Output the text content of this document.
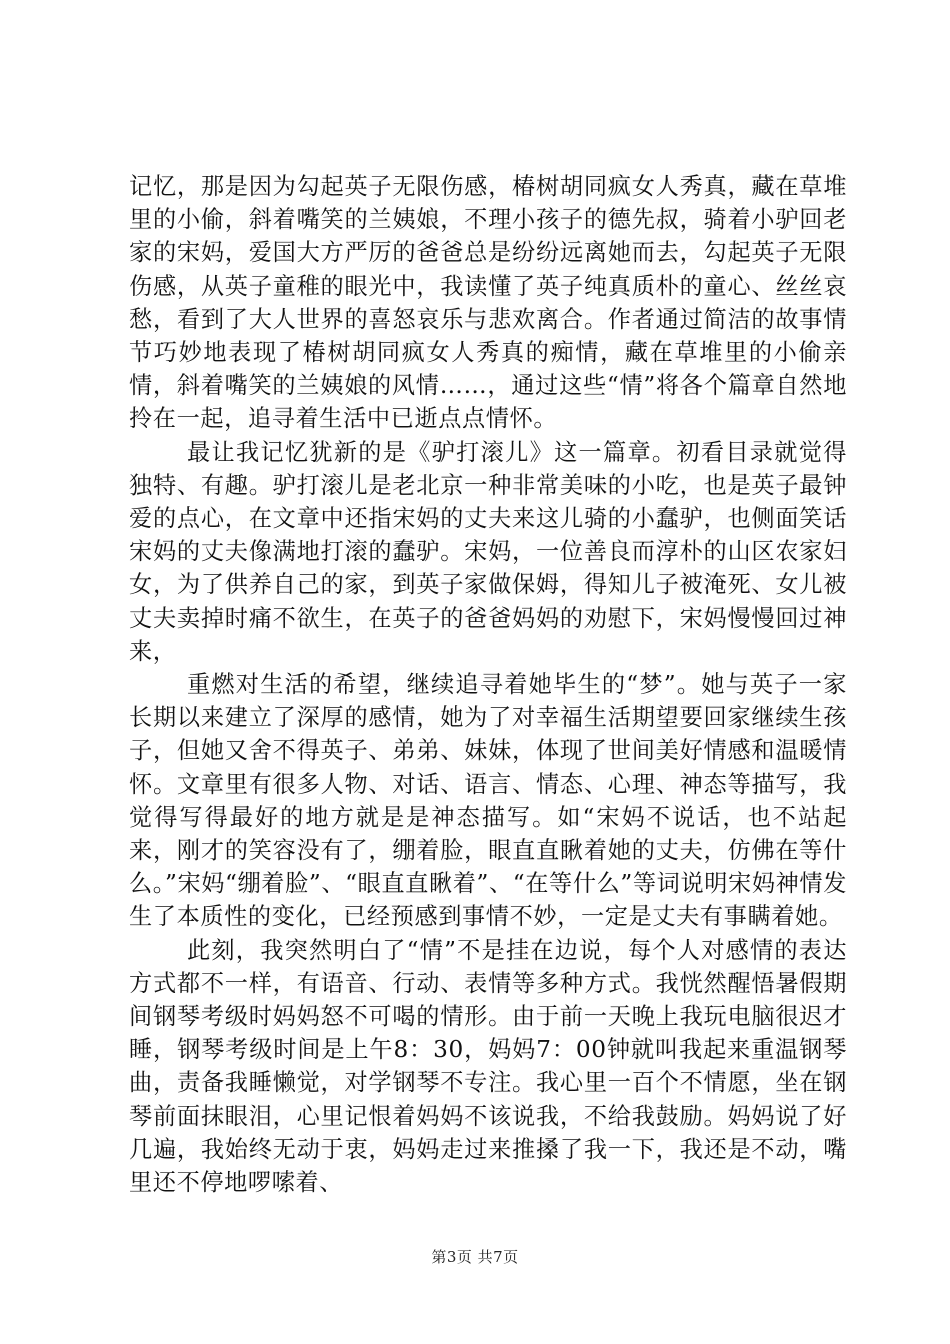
记忆，那是因为勾起英子无限伤感，椿树胡同疯女人秀真，藏在草堆里的小偷，斜着嘴笑的兰姨娘，不理小孩子的德先叔，骑着小驴回老家的宋妈，爱国大方严厉的爸爸总是纷纷远离她而去，勾起英子无限伤感，从英子童稚的眼光中，我读懂了英子纯真质朴的童心、丝丝哀愁，看到了大人世界的喜怒哀乐与悲欢离合。作者通过简洁的故事情节巧妙地表现了椿树胡同疯女人秀真的痴情，藏在草堆里的小偷亲情，斜着嘴笑的兰姨娘的风情……，通过这些“情”将各个篇章自然地拎在一起，追寻着生活中已逝点点情怀。

最让我记忆犹新的是《驴打滚儿》这一篇章。初看目录就觉得独特、有趣。驴打滚儿是老北京一种非常美味的小吃，也是英子最钟爱的点心，在文章中还指宋妈的丈夫来这儿骑的小蠢驴，也侧面笑话宋妈的丈夫像满地打滚的蠢驴。宋妈，一位善良而淳朴的山区农家妇女，为了供养自己的家，到英子家做保姆，得知儿子被淹死、女儿被丈夫卖掉时痛不欲生，在英子的爸爸妈妈的劝慰下，宋妈慢慢回过神来，

重燃对生活的希望，继续追寻着她毕生的“梦”。她与英子一家长期以来建立了深厚的感情，她为了对幸福生活期望要回家继续生孩子，但她又舍不得英子、弟弟、妹妹，体现了世间美好情感和温暖情怀。文章里有很多人物、对话、语言、情态、心理、神态等描写，我觉得写得最好的地方就是是神态描写。如“宋妈不说话，也不站起来，刚才的笑容没有了，绷着脸，眼直直瞅着她的丈夫，仿佛在等什么。”宋妈“绷着脸”、“眼直直瞅着”、“在等什么”等词说明宋妈神情发生了本质性的变化，已经预感到事情不妙，一定是丈夫有事瞒着她。

此刻，我突然明白了“情”不是挂在边说，每个人对感情的表达方式都不一样，有语音、行动、表情等多种方式。我恍然醒悟暑假期间钢琴考级时妈妈怒不可喝的情形。由于前一天晚上我玩电脑很迟才睡，钢琴考级时间是上午8：30，妈妈7：00钟就叫我起来重温钢琴曲，责备我睡懒觉，对学钢琴不专注。我心里一百个不情愿，坐在钢琴前面抹眼泪，心里记恨着妈妈不该说我，不给我鼓励。妈妈说了好几遍，我始终无动于衷，妈妈走过来推搡了我一下，我还是不动，嘴里还不停地啰嗦着、

第3页 共7页
